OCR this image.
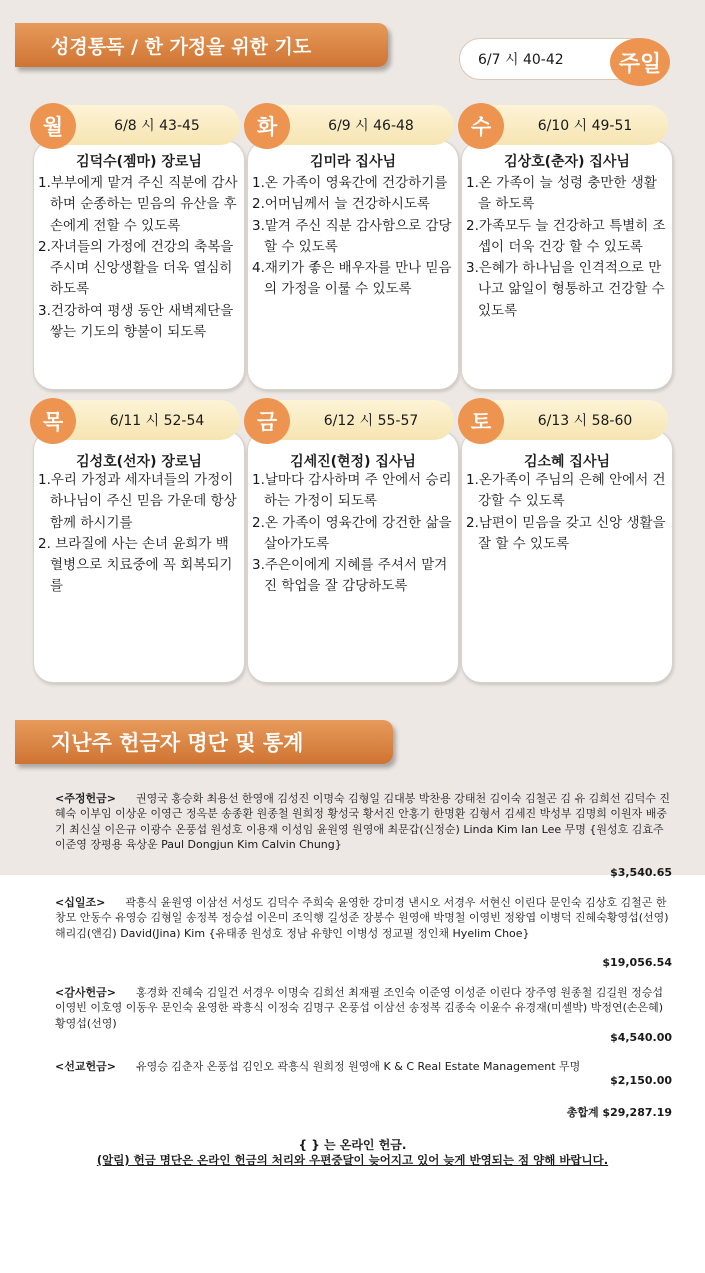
성경통독 / 한 가정을 위한 기도
6/7 시 40-42	주일
6/8 시 43-45
월
김덕수(젬마) 장로님
1.부부에게 맡겨 주신 직분에 감사하며 순종하는 믿음의 유산을 후손에게 전할 수 있도록
2.자녀들의 가정에 건강의 축복을 주시며 신앙생활을 더욱 열심히 하도록
3.건강하여 평생 동안 새벽제단을 쌓는 기도의 향불이 되도록
6/9 시 46-48
화
김미라 집사님
1.온 가족이 영육간에 건강하기를
2.어머님께서 늘 건강하시도록
3.맡겨 주신 직분 감사함으로 감당 할 수 있도록
4.재키가 좋은 배우자를 만나 믿음의 가정을 이룰 수 있도록
6/10 시 49-51
수
김상호(춘자) 집사님
1.온 가족이 늘 성령 충만한 생활을 하도록
2.가족모두 늘 건강하고 특별히 조셉이 더욱 건강 할 수 있도록
3.은혜가 하나님을 인격적으로 만나고 앎일이 형통하고 건강할 수 있도록
6/11 시 52-54
목
김성호(선자) 장로님
1.우리 가정과 세자녀들의 가정이 하나님이 주신 믿음 가운데 항상 함께 하시기를
2. 브라질에 사는 손녀 윤희가 백혈병으로 치료중에 꼭 회복되기를
6/12 시 55-57
금
김세진(현정) 집사님
1.날마다 감사하며 주 안에서 승리하는 가정이 되도록
2.온 가족이 영육간에 강건한 삶을 살아가도록
3.주은이에게 지혜를 주셔서 맡겨진 학업을 잘 감당하도록
6/13 시 58-60
토
김소혜 집사님
1.온가족이 주님의 은혜 안에서 건강할 수 있도록
2.남편이 믿음을 갖고 신앙 생활을 잘 할 수 있도록
지난주 헌금자 명단 및 통계
<주정헌금> 권영국 홍승화 최용선 한영애 김성진 이명숙 김형일 김대봉 박찬용 강태천 김이숙 김철곤 김 유 김희선 김덕수 진혜숙 이부임 이상운 이영근 정옥분 송종환 원종철 원희정 황성국 황서진 안홍기 한명환 김형서 김세진 박성부 김명희 이원자 배중기 최신실 이은규 이광수 온풍섭 원성호 이용재 이성임 윤원영 원영애 최문갑(신정순) Linda Kim Ian Lee 무명 {원성호 김효주 이준영 장평용 육상운 Paul Dongjun Kim Calvin Chung}
$3,540.65
<십일조> 곽흥식 윤원영 이삼선 서성도 김덕수 주희숙 윤영한 강미경 낸시오 서경우 서현신 이린다 문인숙 김상호 김철곤 한창모 안동수 유영승 김형일 송정복 정승섭 이은미 조익행 길성준 장봉수 원영애 박명철 이영빈 정왕엽 이병덕 진혜숙황영섭(선영) 해리김(앤김) David(Jina) Kim {유태종 원성호 정남 유향인 이병성 정교필 정인채 Hyelim Choe}
$19,056.54
<감사헌금> 홍경화 진혜숙 김일건 서경우 이명숙 김희선 최재필 조인숙 이준영 이성준 이린다 장주영 원종철 김길원 정승섭 이영빈 이호영 이동우 문인숙 윤영한 곽흥식 이정숙 김명구 온풍섭 이삼선 송정복 김종숙 이윤수 유경재(미셸박) 박정연(손은혜) 황영섭(선영)
$4,540.00
<선교헌금> 유영승 김춘자 온풍섭 김인오 곽흥식 원희정 원영애 K & C Real Estate Management 무명
$2,150.00
총합계 $29,287.19
{ } 는 온라인 헌금.
(알림) 헌금 명단은 온라인 헌금의 처리와 우편중달이 늦어지고 있어 늦게 반영되는 점 양해 바랍니다.
